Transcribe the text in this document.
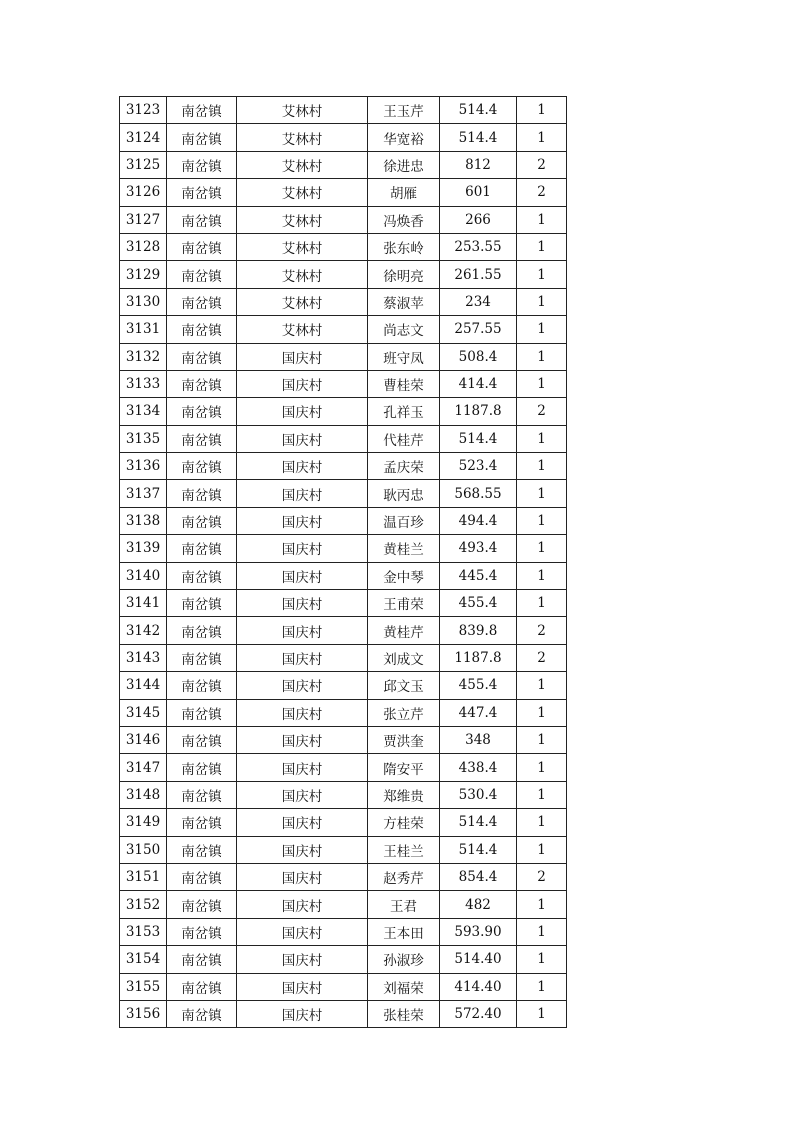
3123	南岔镇	艾林村	王玉芹	514.4	1
3124	南岔镇	艾林村	华宽裕	514.4	1
3125	南岔镇	艾林村	徐进忠	812	2
3126	南岔镇	艾林村	胡雁	601	2
3127	南岔镇	艾林村	冯焕香	266	1
3128	南岔镇	艾林村	张东岭	253.55	1
3129	南岔镇	艾林村	徐明亮	261.55	1
3130	南岔镇	艾林村	蔡淑苹	234	1
3131	南岔镇	艾林村	尚志文	257.55	1
3132	南岔镇	国庆村	班守凤	508.4	1
3133	南岔镇	国庆村	曹桂荣	414.4	1
3134	南岔镇	国庆村	孔祥玉	1187.8	2
3135	南岔镇	国庆村	代桂芹	514.4	1
3136	南岔镇	国庆村	孟庆荣	523.4	1
3137	南岔镇	国庆村	耿丙忠	568.55	1
3138	南岔镇	国庆村	温百珍	494.4	1
3139	南岔镇	国庆村	黄桂兰	493.4	1
3140	南岔镇	国庆村	金中琴	445.4	1
3141	南岔镇	国庆村	王甫荣	455.4	1
3142	南岔镇	国庆村	黄桂芹	839.8	2
3143	南岔镇	国庆村	刘成文	1187.8	2
3144	南岔镇	国庆村	邱文玉	455.4	1
3145	南岔镇	国庆村	张立芹	447.4	1
3146	南岔镇	国庆村	贾洪奎	348	1
3147	南岔镇	国庆村	隋安平	438.4	1
3148	南岔镇	国庆村	郑维贵	530.4	1
3149	南岔镇	国庆村	方桂荣	514.4	1
3150	南岔镇	国庆村	王桂兰	514.4	1
3151	南岔镇	国庆村	赵秀芹	854.4	2
3152	南岔镇	国庆村	王君	482	1
3153	南岔镇	国庆村	王本田	593.90	1
3154	南岔镇	国庆村	孙淑珍	514.40	1
3155	南岔镇	国庆村	刘福荣	414.40	1
3156	南岔镇	国庆村	张桂荣	572.40	1
